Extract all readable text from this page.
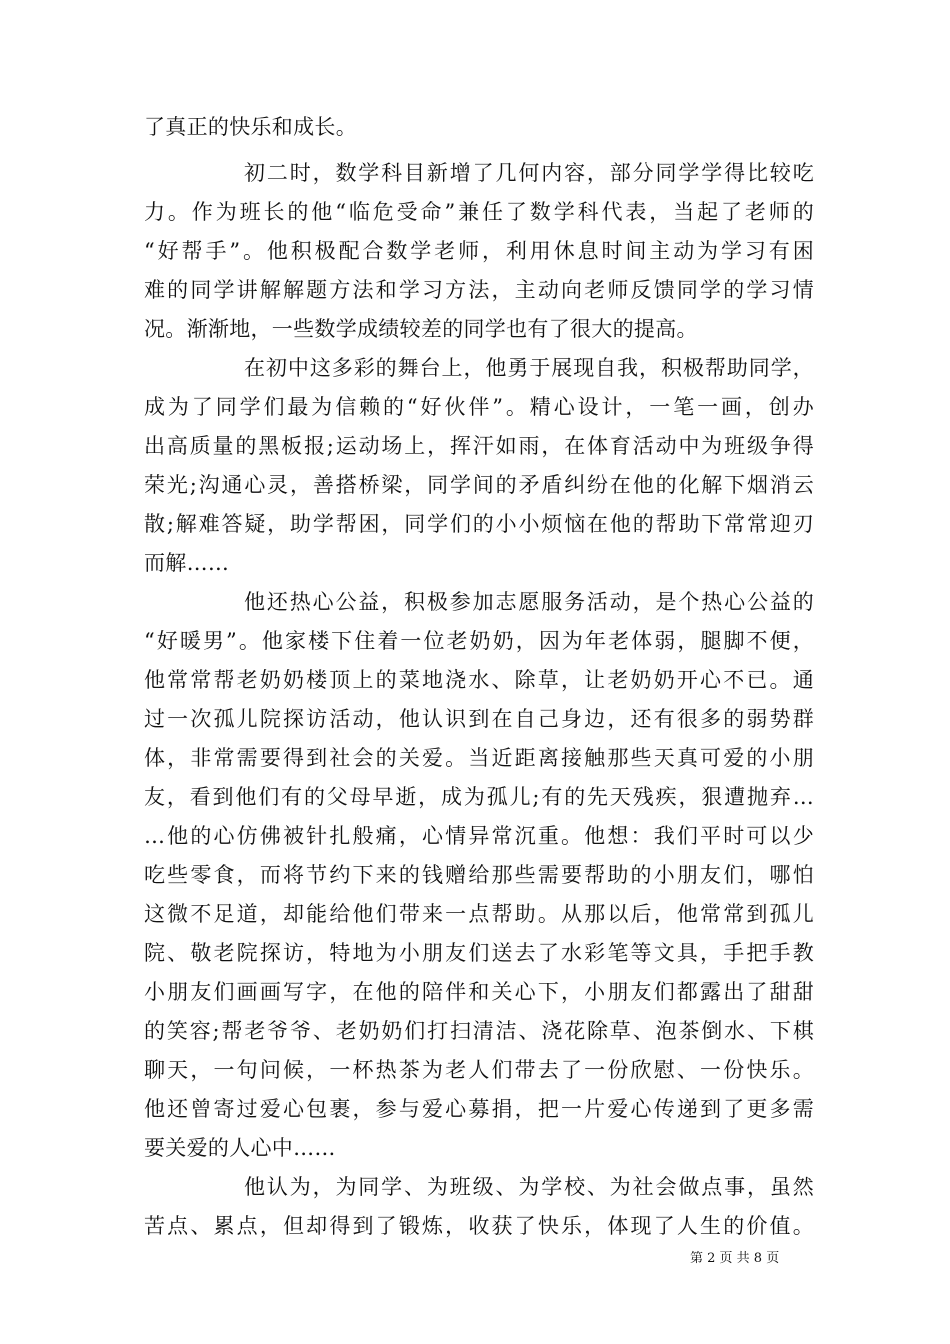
了真正的快乐和成长。
初二时，数学科目新增了几何内容，部分同学学得比较吃
力。作为班长的他“临危受命”兼任了数学科代表，当起了老师的
“好帮手”。他积极配合数学老师，利用休息时间主动为学习有困
难的同学讲解解题方法和学习方法，主动向老师反馈同学的学习情
况。渐渐地，一些数学成绩较差的同学也有了很大的提高。
在初中这多彩的舞台上，他勇于展现自我，积极帮助同学，
成为了同学们最为信赖的“好伙伴”。精心设计，一笔一画，创办
出高质量的黑板报;运动场上，挥汗如雨，在体育活动中为班级争得
荣光;沟通心灵，善搭桥梁，同学间的矛盾纠纷在他的化解下烟消云
散;解难答疑，助学帮困，同学们的小小烦恼在他的帮助下常常迎刃
而解……
他还热心公益，积极参加志愿服务活动，是个热心公益的
“好暖男”。他家楼下住着一位老奶奶，因为年老体弱，腿脚不便，
他常常帮老奶奶楼顶上的菜地浇水、除草，让老奶奶开心不已。通
过一次孤儿院探访活动，他认识到在自己身边，还有很多的弱势群
体，非常需要得到社会的关爱。当近距离接触那些天真可爱的小朋
友，看到他们有的父母早逝，成为孤儿;有的先天残疾，狠遭抛弃…
…他的心仿佛被针扎般痛，心情异常沉重。他想：我们平时可以少
吃些零食，而将节约下来的钱赠给那些需要帮助的小朋友们，哪怕
这微不足道，却能给他们带来一点帮助。从那以后，他常常到孤儿
院、敬老院探访，特地为小朋友们送去了水彩笔等文具，手把手教
小朋友们画画写字，在他的陪伴和关心下，小朋友们都露出了甜甜
的笑容;帮老爷爷、老奶奶们打扫清洁、浇花除草、泡茶倒水、下棋
聊天，一句问候，一杯热茶为老人们带去了一份欣慰、一份快乐。
他还曾寄过爱心包裹，参与爱心募捐，把一片爱心传递到了更多需
要关爱的人心中……
他认为，为同学、为班级、为学校、为社会做点事，虽然
苦点、累点，但却得到了锻炼，收获了快乐，体现了人生的价值。
第 2 页 共 8 页
